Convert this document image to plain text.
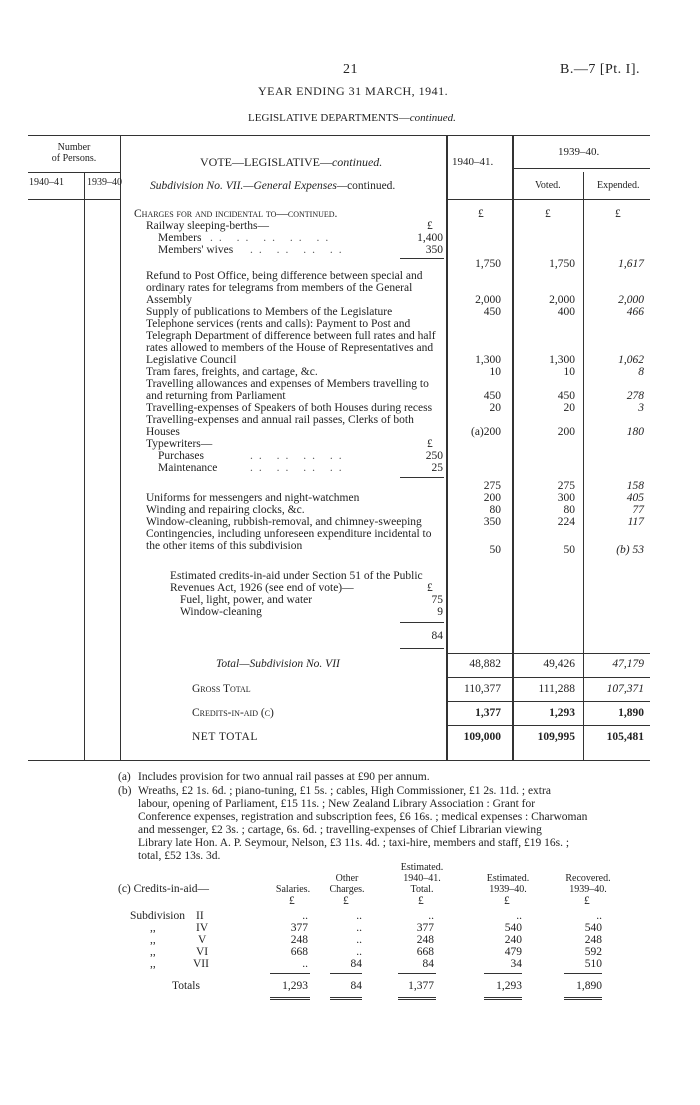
21	B.—7 [Pt. I].
YEAR ENDING 31 MARCH, 1941.
LEGISLATIVE DEPARTMENTS—continued.
Number
of Persons.
1940–41 1939–40
VOTE—LEGISLATIVE—continued.
Subdivision No. VII.—General Expenses—continued.
1940–41.
1939–40.
Voted.	Expended.
£	£	£
Charges for and incidental to—continued.
Railway sleeping-berths—	£
Members .. .. .. .. ..	1,400
Members' wives .. .. .. ..	350
1,750	1,750	1,617
Refund to Post Office, being difference between special and ordinary rates for telegrams from members of the General Assembly	2,000	2,000	2,000
Supply of publications to Members of the Legislature	450	400	466
Telephone services (rents and calls): Payment to Post and Telegraph Department of difference between full rates and half rates allowed to members of the House of Representatives and Legislative Council	1,300	1,300	1,062
Tram fares, freights, and cartage, &c.	10	10	8
Travelling allowances and expenses of Members travelling to and returning from Parliament	450	450	278
Travelling-expenses of Speakers of both Houses during recess	20	20	3
Travelling-expenses and annual rail passes, Clerks of both Houses	(a)200	200	180
Typewriters—	£
Purchases	.. .. .. ..	250
Maintenance	.. .. .. ..	25
275	275	158
Uniforms for messengers and night-watchmen	200	300	405
Winding and repairing clocks, &c.	80	80	77
Window-cleaning, rubbish-removal, and chimney-sweeping	350	224	117
Contingencies, including unforeseen expenditure incidental to the other items of this subdivision	50	50	(b) 53
Estimated credits-in-aid under Section 51 of the Public Revenues Act, 1926 (see end of vote)—	£
Fuel, light, power, and water	75
Window-cleaning	9
84
Total—Subdivision No. VII	48,882	49,426	47,179
Gross Total	110,377	111,288	107,371
Credits-in-aid (c)	1,377	1,293	1,890
NET TOTAL	109,000	109,995	105,481
(a) Includes provision for two annual rail passes at £90 per annum.
(b) Wreaths, £2 1s. 6d. ; piano-tuning, £1 5s. ; cables, High Commissioner, £1 2s. 11d. ; extra
labour, opening of Parliament, £15 11s. ; New Zealand Library Association : Grant for
Conference expenses, registration and subscription fees, £6 16s. ; medical expenses : Charwoman
and messenger, £2 3s. ; cartage, 6s. 6d. ; travelling-expenses of Chief Librarian viewing
Library late Hon. A. P. Seymour, Nelson, £3 11s. 4d. ; taxi-hire, members and staff, £19 16s. ;
total, £52 13s. 3d.
(c) Credits-in-aid—	Salaries.
Other
Charges.
Estimated.
1940–41.
Total.
Estimated.
1939–40.
Recovered.
1939–40.
£	£	£	£	£
Subdivision II	..	..	..	..	..
,,	IV	377	..	377	540	540
,,	V	248	..	248	240	248
,,	VI	668	..	668	479	592
,,	VII	..	84	84	34	510
Totals	1,293	84	1,377	1,293	1,890
